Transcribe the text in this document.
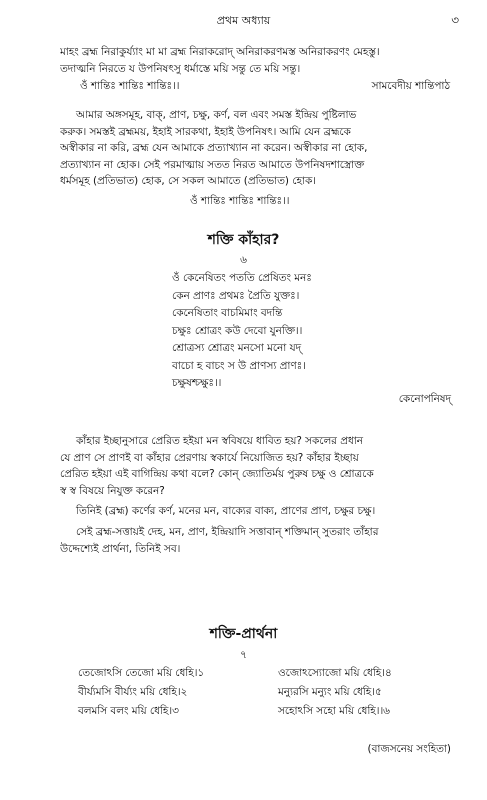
প্রথম অধ্যায়	৩
মাহং ব্রহ্ম নিরাকুর্য্যাং মা মা ব্রহ্ম নিরাকরোদ্ অনিরাকরণমস্ত অনিরাকরণং মেহস্তু।
তদাত্মনি নিরতে য উপনিষৎসু ধর্মাস্তে ময়ি সন্তু তে ময়ি সন্তু।
ওঁ শান্তিঃ শান্তিঃ শান্তিঃ।।	সামবেদীয় শান্তিপাঠ
আমার অঙ্গসমূহ, বাক্‌, প্রাণ, চক্ষু, কর্ণ, বল এবং সমস্ত ইন্দ্রিয় পুষ্টিলাভ
করুক। সমস্তই ব্রহ্মময়, ইহাই সারকথা, ইহাই উপনিষৎ। আমি যেন ব্রহ্মকে
অস্বীকার না করি, ব্রহ্ম যেন আমাকে প্রত্যাখ্যান না করেন। অস্বীকার না হোক,
প্রত্যাখ্যান না হোক। সেই পরমাত্মায় সতত নিরত আমাতে উপনিষদশাস্ত্রোক্ত
ধর্মসমূহ (প্রতিভাত) হোক, সে সকল আমাতে (প্রতিভাত) হোক।
ওঁ শান্তিঃ শান্তিঃ শান্তিঃ।।
শক্তি কাঁহার?
৬
ওঁ কেনেষিতং পততি প্রেষিতং মনঃ
কেন প্রাণঃ প্রথমঃ প্রৈতি যুক্তঃ।
কেনেষিতাং বাচমিমাং বদন্তি
চক্ষুঃ শ্রোত্রং কউ দেবো যুনক্তি।।
শ্রোত্রস্য শ্রোত্রং মনসো মনো যদ্‌
বাচো হ বাচং স উ প্রাণস্য প্রাণঃ।
চক্ষুষশ্চক্ষুঃ।।
কেনোপনিষদ্‌
কাঁহার ইচ্ছানুসারে প্রেরিত হইয়া মন স্ববিষয়ে ধাবিত হয়? সকলের প্রধান
যে প্রাণ সে প্রাণই বা কাঁহার প্রেরণায় স্বকার্যে নিয়োজিত হয়? কাঁহার ইচ্ছায়
প্রেরিত হইয়া এই বাগিন্দ্রিয় কথা বলে? কোন্‌ জ্যোতির্ময় পুরুষ চক্ষু ও শ্রোত্রকে
স্ব স্ব বিষয়ে নিযুক্ত করেন?
তিনিই (ব্রহ্ম) কর্ণের কর্ণ, মনের মন, বাক্যের বাক্য, প্রাণের প্রাণ, চক্ষুর চক্ষু।
সেই ব্রহ্ম-সত্তায়ই দেহ, মন, প্রাণ, ইন্দ্রিয়াদি সত্তাবান্‌ শক্তিমান্‌ সুতরাং তাঁহার
উদ্দেশ্যেই প্রার্থনা, তিনিই সব।
শক্তি-প্রার্থনা
৭
তেজোঽসি তেজো ময়ি ধেহি।১
বীর্য্যমসি বীর্য্যং ময়ি ধেহি।২
বলমসি বলং ময়ি ধেহি।৩
ওজোঽস্যোজো ময়ি ধেহি।৪
মন্যুরসি মন্যুং ময়ি ধেহি।৫
সহোঽসি সহো ময়ি ধেহি।।৬
(বাজসনেয় সংহিতা)
